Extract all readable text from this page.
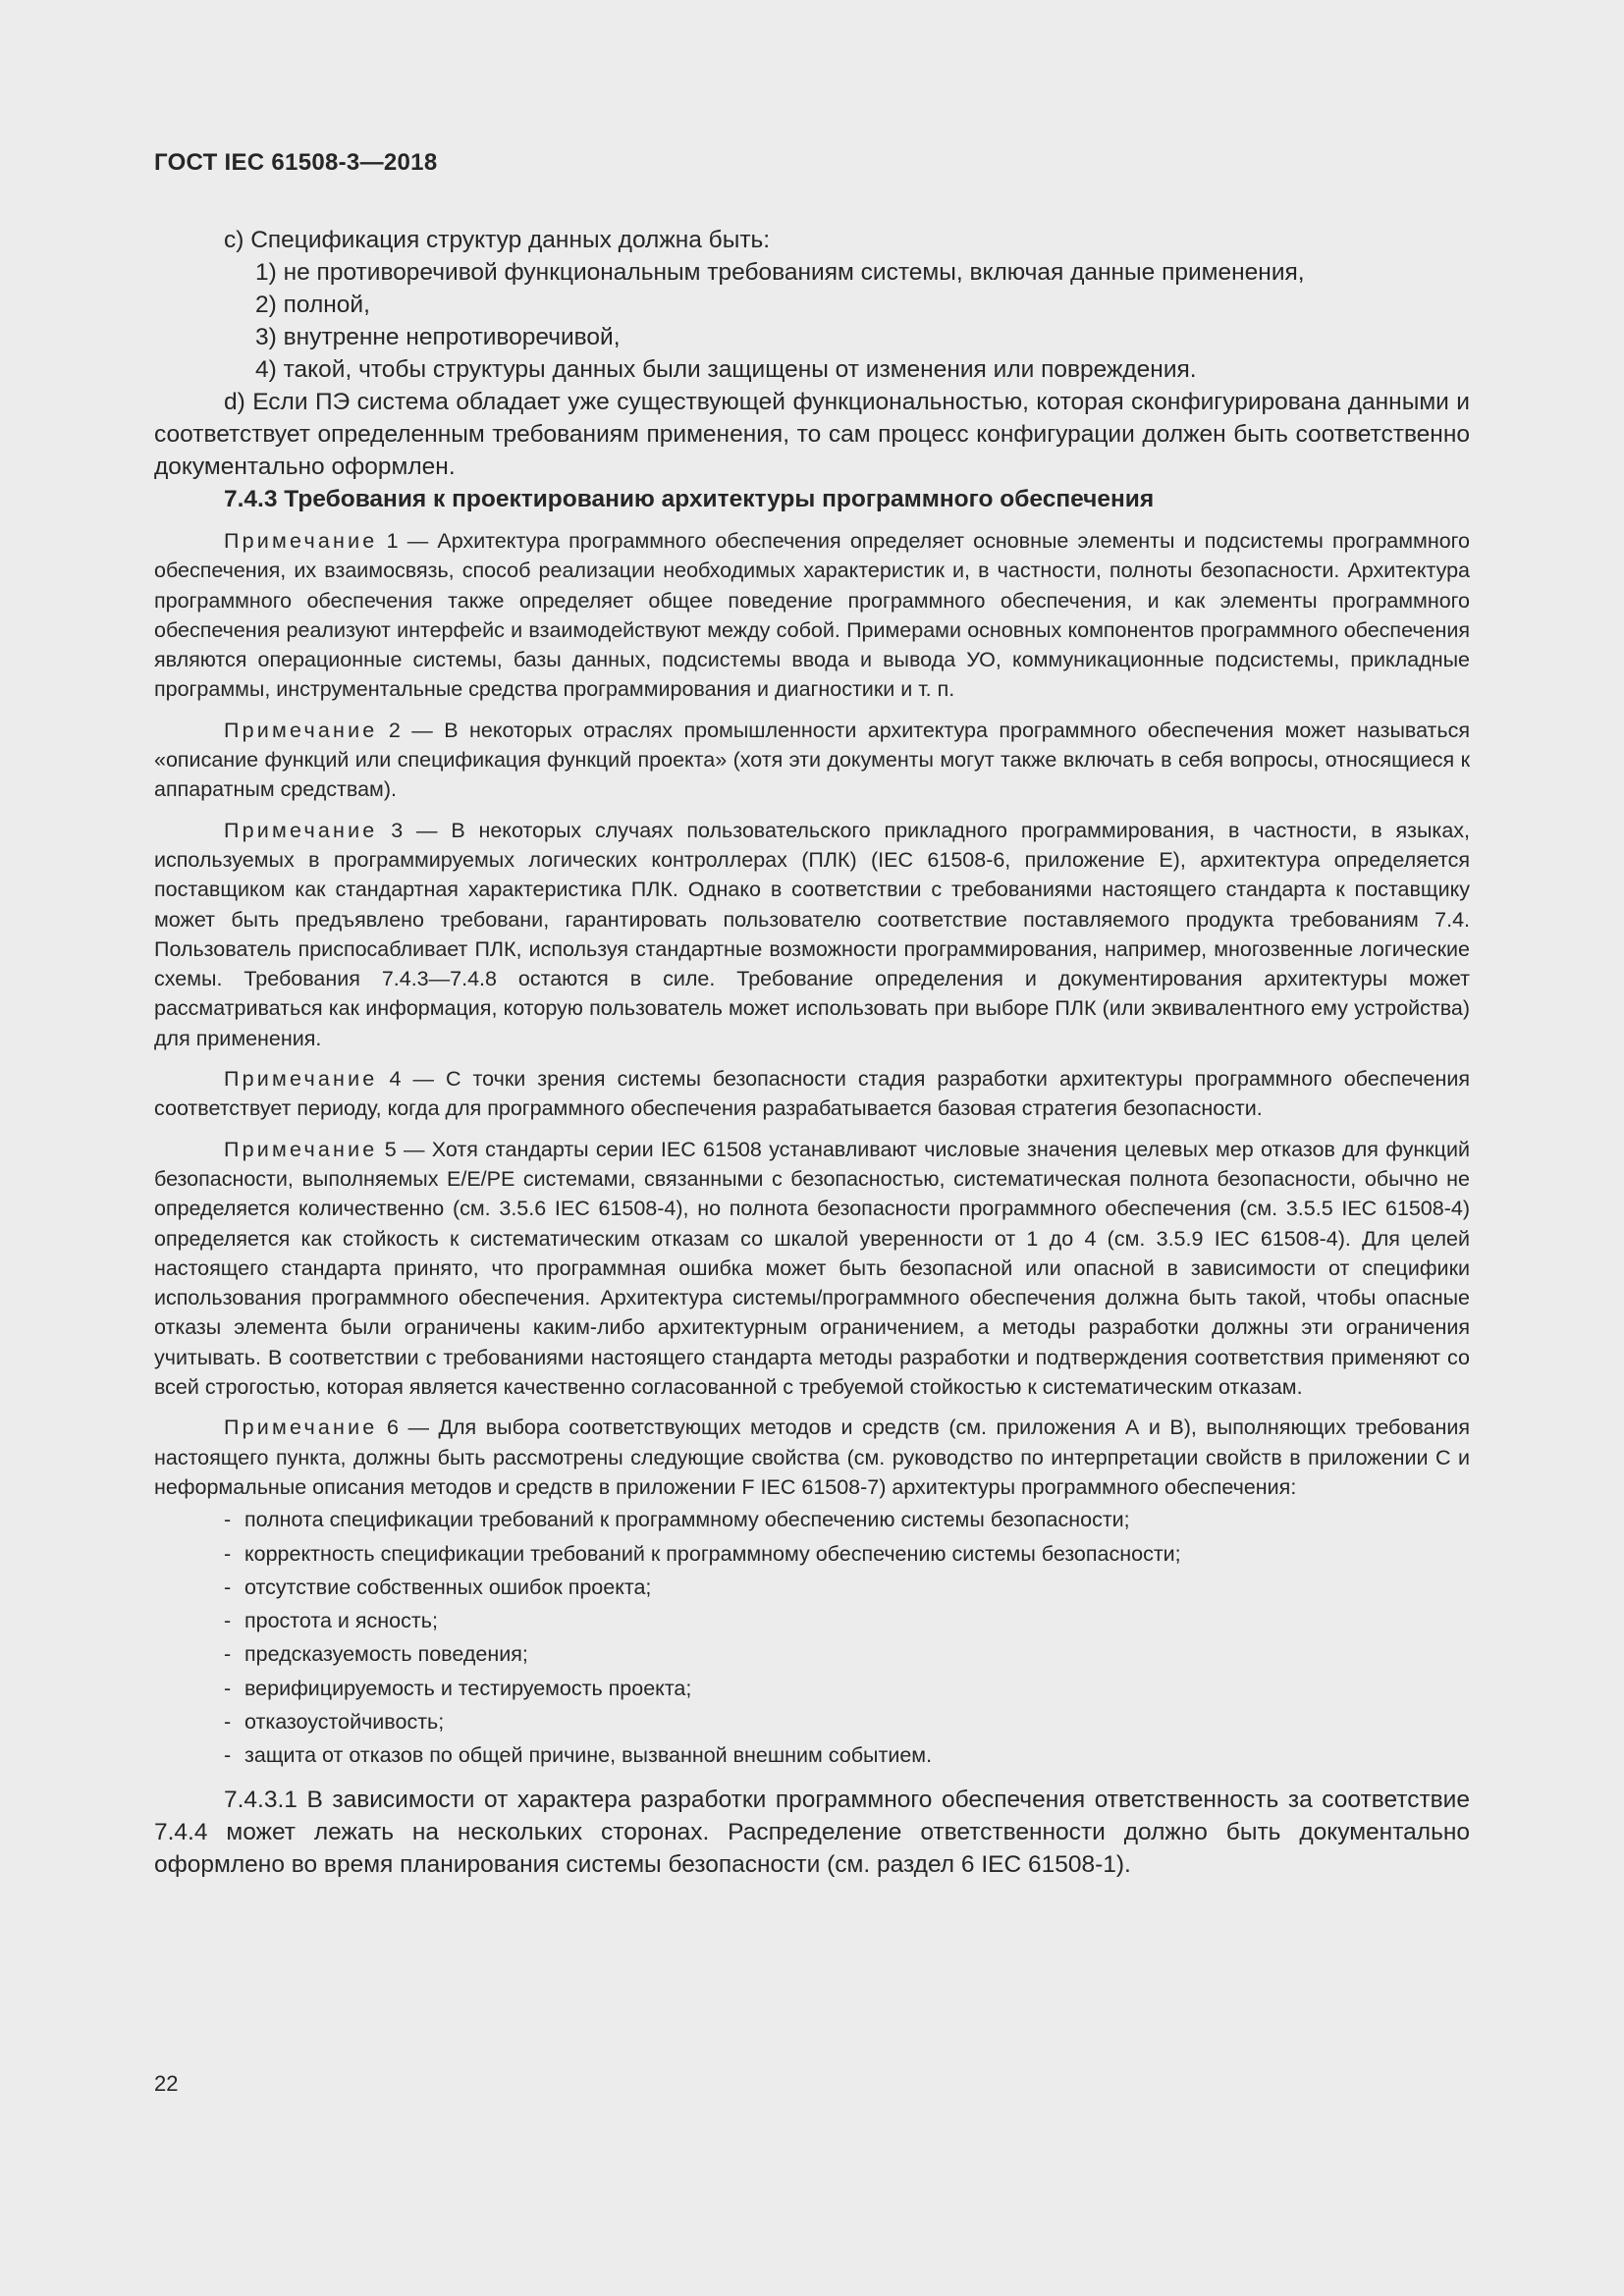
ГОСТ IEC 61508-3—2018
с) Спецификация структур данных должна быть:
1) не противоречивой функциональным требованиям системы, включая данные применения,
2) полной,
3) внутренне непротиворечивой,
4) такой, чтобы структуры данных были защищены от изменения или повреждения.
d) Если ПЭ система обладает уже существующей функциональностью, которая сконфигурирована данными и соответствует определенным требованиям применения, то сам процесс конфигурации должен быть соответственно документально оформлен.
7.4.3 Требования к проектированию архитектуры программного обеспечения
Примечание 1 — Архитектура программного обеспечения определяет основные элементы и подсистемы программного обеспечения, их взаимосвязь, способ реализации необходимых характеристик и, в частности, полноты безопасности. Архитектура программного обеспечения также определяет общее поведение программного обеспечения, и как элементы программного обеспечения реализуют интерфейс и взаимодействуют между собой. Примерами основных компонентов программного обеспечения являются операционные системы, базы данных, подсистемы ввода и вывода УО, коммуникационные подсистемы, прикладные программы, инструментальные средства программирования и диагностики и т. п.
Примечание 2 — В некоторых отраслях промышленности архитектура программного обеспечения может называться «описание функций или спецификация функций проекта» (хотя эти документы могут также включать в себя вопросы, относящиеся к аппаратным средствам).
Примечание 3 — В некоторых случаях пользовательского прикладного программирования, в частности, в языках, используемых в программируемых логических контроллерах (ПЛК) (IEC 61508-6, приложение Е), архитектура определяется поставщиком как стандартная характеристика ПЛК. Однако в соответствии с требованиями настоящего стандарта к поставщику может быть предъявлено требовани, гарантировать пользователю соответствие поставляемого продукта требованиям 7.4. Пользователь приспосабливает ПЛК, используя стандартные возможности программирования, например, многозвенные логические схемы. Требования 7.4.3—7.4.8 остаются в силе. Требование определения и документирования архитектуры может рассматриваться как информация, которую пользователь может использовать при выборе ПЛК (или эквивалентного ему устройства) для применения.
Примечание 4 — С точки зрения системы безопасности стадия разработки архитектуры программного обеспечения соответствует периоду, когда для программного обеспечения разрабатывается базовая стратегия безопасности.
Примечание 5 — Хотя стандарты серии IEC 61508 устанавливают числовые значения целевых мер отказов для функций безопасности, выполняемых Е/Е/РЕ системами, связанными с безопасностью, систематическая полнота безопасности, обычно не определяется количественно (см. 3.5.6 IEC 61508-4), но полнота безопасности программного обеспечения (см. 3.5.5 IEC 61508-4) определяется как стойкость к систематическим отказам со шкалой уверенности от 1 до 4 (см. 3.5.9 IEC 61508-4). Для целей настоящего стандарта принято, что программная ошибка может быть безопасной или опасной в зависимости от специфики использования программного обеспечения. Архитектура системы/программного обеспечения должна быть такой, чтобы опасные отказы элемента были ограничены каким-либо архитектурным ограничением, а методы разработки должны эти ограничения учитывать. В соответствии с требованиями настоящего стандарта методы разработки и подтверждения соответствия применяют со всей строгостью, которая является качественно согласованной с требуемой стойкостью к систематическим отказам.
Примечание 6 — Для выбора соответствующих методов и средств (см. приложения А и В), выполняющих требования настоящего пункта, должны быть рассмотрены следующие свойства (см. руководство по интерпретации свойств в приложении С и неформальные описания методов и средств в приложении F IEC 61508-7) архитектуры программного обеспечения:
- полнота спецификации требований к программному обеспечению системы безопасности;
- корректность спецификации требований к программному обеспечению системы безопасности;
- отсутствие собственных ошибок проекта;
- простота и ясность;
- предсказуемость поведения;
- верифицируемость и тестируемость проекта;
- отказоустойчивость;
- защита от отказов по общей причине, вызванной внешним событием.
7.4.3.1 В зависимости от характера разработки программного обеспечения ответственность за соответствие 7.4.4 может лежать на нескольких сторонах. Распределение ответственности должно быть документально оформлено во время планирования системы безопасности (см. раздел 6 IEC 61508-1).
22
